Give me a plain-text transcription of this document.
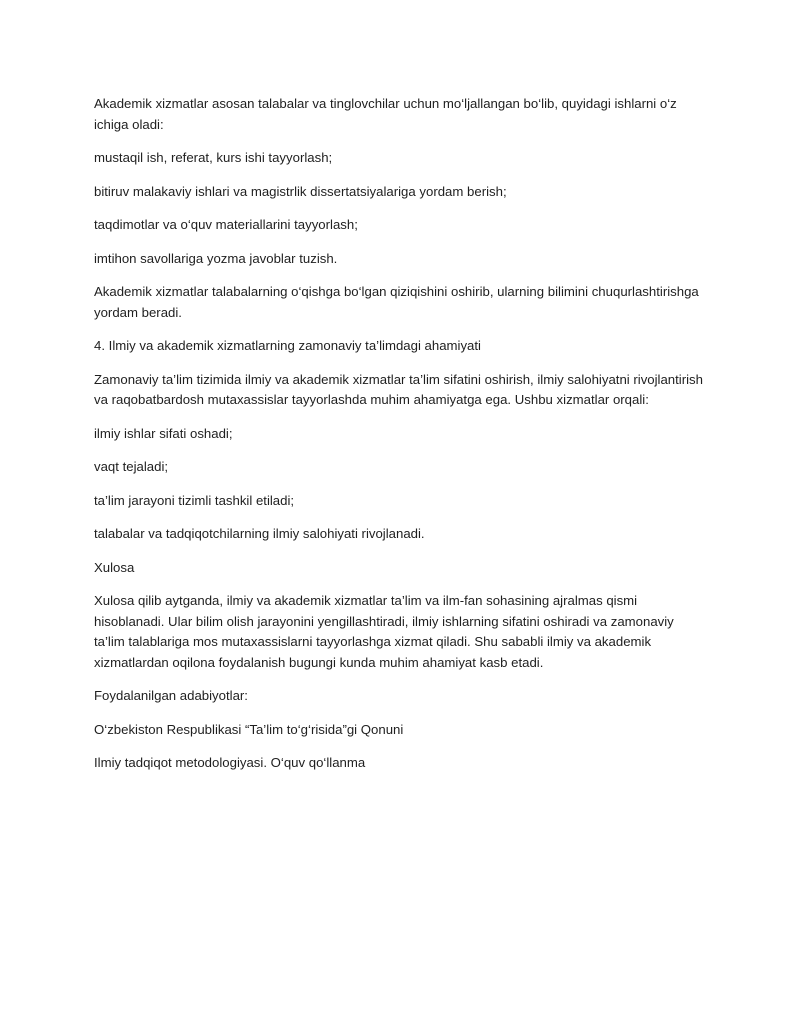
Akademik xizmatlar asosan talabalar va tinglovchilar uchun mo‘ljallangan bo‘lib, quyidagi ishlarni o‘z ichiga oladi:

mustaqil ish, referat, kurs ishi tayyorlash;

bitiruv malakaviy ishlari va magistrlik dissertatsiyalariga yordam berish;

taqdimotlar va o‘quv materiallarini tayyorlash;

imtihon savollariga yozma javoblar tuzish.

Akademik xizmatlar talabalarning o‘qishga bo‘lgan qiziqishini oshirib, ularning bilimini chuqurlashtirishga yordam beradi.

4. Ilmiy va akademik xizmatlarning zamonaviy ta’limdagi ahamiyati

Zamonaviy ta’lim tizimida ilmiy va akademik xizmatlar ta’lim sifatini oshirish, ilmiy salohiyatni rivojlantirish va raqobatbardosh mutaxassislar tayyorlashda muhim ahamiyatga ega. Ushbu xizmatlar orqali:

ilmiy ishlar sifati oshadi;

vaqt tejaladi;

ta’lim jarayoni tizimli tashkil etiladi;

talabalar va tadqiqotchilarning ilmiy salohiyati rivojlanadi.

Xulosa

Xulosa qilib aytganda, ilmiy va akademik xizmatlar ta’lim va ilm-fan sohasining ajralmas qismi hisoblanadi. Ular bilim olish jarayonini yengillashtiradi, ilmiy ishlarning sifatini oshiradi va zamonaviy ta’lim talablariga mos mutaxassislarni tayyorlashga xizmat qiladi. Shu sababli ilmiy va akademik xizmatlardan oqilona foydalanish bugungi kunda muhim ahamiyat kasb etadi.

Foydalanilgan adabiyotlar:

O‘zbekiston Respublikasi “Ta’lim to‘g‘risida”gi Qonuni

Ilmiy tadqiqot metodologiyasi. O‘quv qo‘llanma
